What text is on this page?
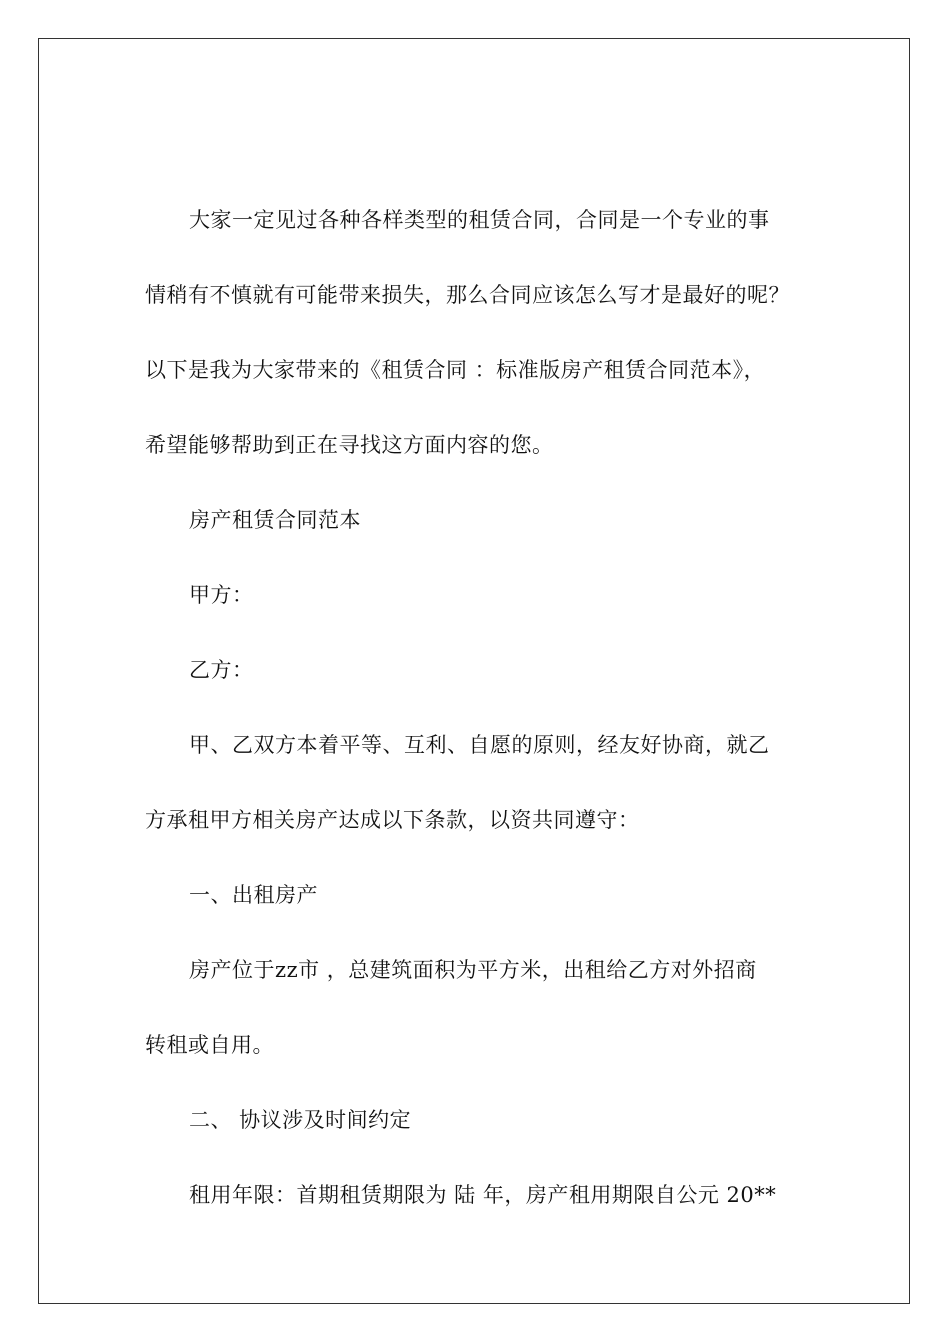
大家一定见过各种各样类型的租赁合同，合同是一个专业的事
情稍有不慎就有可能带来损失，那么合同应该怎么写才是最好的呢？
以下是我为大家带来的《租赁合同 ：标准版房产租赁合同范本》，
希望能够帮助到正在寻找这方面内容的您。
房产租赁合同范本
甲方：
乙方：
甲、乙双方本着平等、互利、自愿的原则，经友好协商，就乙
方承租甲方相关房产达成以下条款，以资共同遵守：
一、出租房产
房产位于zz市 ，总建筑面积为平方米，出租给乙方对外招商
转租或自用。
二、 协议涉及时间约定
租用年限：首期租赁期限为 陆 年，房产租用期限自公元 20**
